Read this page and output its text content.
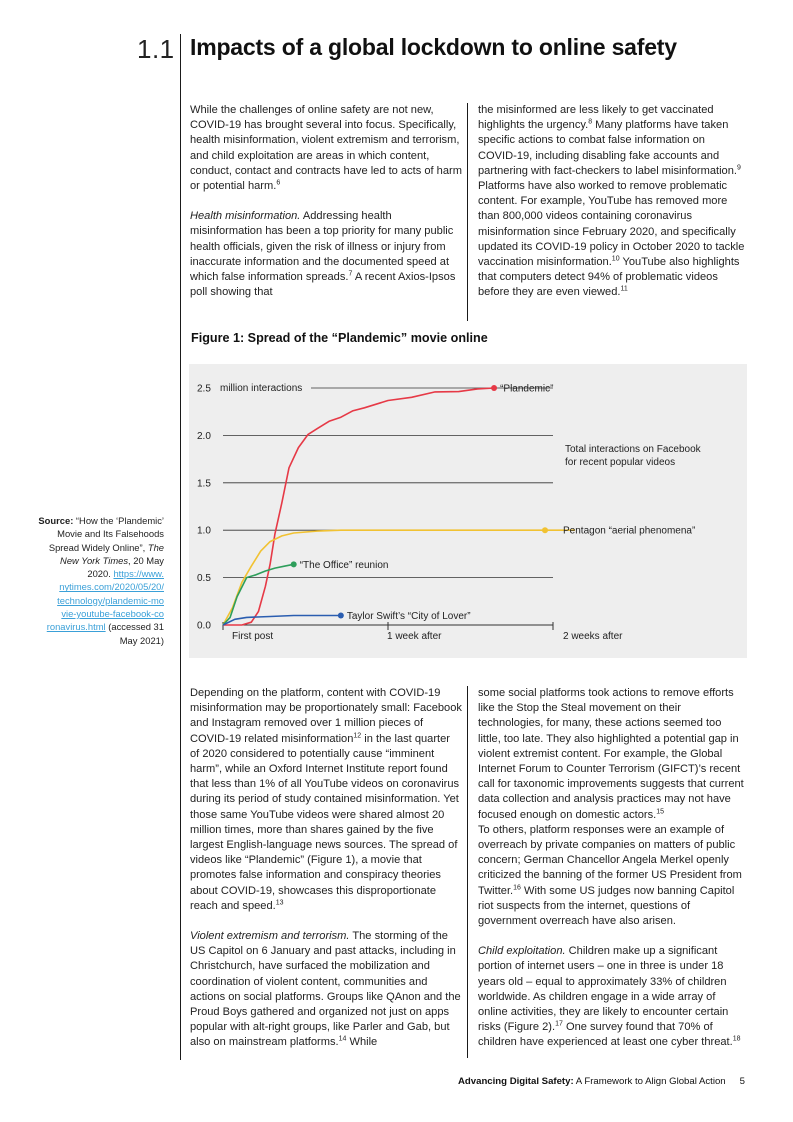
1.1 Impacts of a global lockdown to online safety

While the challenges of online safety are not new, COVID-19 has brought several into focus. Specifically, health misinformation, violent extremism and terrorism, and child exploitation are areas in which content, conduct, contact and contracts have led to acts of harm or potential harm.$^6$

Health misinformation. Addressing health misinformation has been a top priority for many public health officials, given the risk of illness or injury from inaccurate information and the documented speed at which false information spreads.$^7$ A recent Axios-Ipsos poll showing that

the misinformed are less likely to get vaccinated highlights the urgency.$^8$ Many platforms have taken specific actions to combat false information on COVID-19, including disabling fake accounts and partnering with fact-checkers to label misinformation.$^9$ Platforms have also worked to remove problematic content. For example, YouTube has removed more than 800,000 videos containing coronavirus misinformation since February 2020, and specifically updated its COVID-19 policy in October 2020 to tackle vaccination misinformation.$^{10}$ YouTube also highlights that computers detect 94% of problematic videos before they are even viewed.$^{11}$

Figure 1: Spread of the “Plandemic” movie online
0.0
0.5
1.0
1.5
2.0
2.5
First post	1 week after	2 weeks after
“Plandemic”
Pentagon “aerial phenomena”
“The Office” reunion
Taylor Swift’s “City of Lover”
million interactions
Total interactions on Facebook
for recent popular videos
Source: “How the ‘Plandemic’ Movie and Its Falsehoods Spread Widely Online”, The New York Times, 20 May 2020. https://www.
nytimes.com/2020/05/20/
technology/plandemic-mo
vie-youtube-facebook-co
ronavirus.html (accessed 31 May 2021)

Depending on the platform, content with COVID-19 misinformation may be proportionately small: Facebook and Instagram removed over 1 million pieces of COVID-19 related misinformation$^{12}$ in the last quarter of 2020 considered to potentially cause “imminent harm”, while an Oxford Internet Institute report found that less than 1% of all YouTube videos on coronavirus during its period of study contained misinformation. Yet those same YouTube videos were shared almost 20 million times, more than shares gained by the five largest English-language news sources. The spread of videos like “Plandemic” (Figure 1), a movie that promotes false information and conspiracy theories about COVID-19, showcases this disproportionate reach and speed.$^{13}$

Violent extremism and terrorism. The storming of the US Capitol on 6 January and past attacks, including in Christchurch, have surfaced the mobilization and coordination of violent content, communities and actions on social platforms. Groups like QAnon and the Proud Boys gathered and organized not just on apps popular with alt-right groups, like Parler and Gab, but also on mainstream platforms.$^{14}$ While

some social platforms took actions to remove efforts like the Stop the Steal movement on their technologies, for many, these actions seemed too little, too late. They also highlighted a potential gap in violent extremist content. For example, the Global Internet Forum to Counter Terrorism (GIFCT)’s recent call for taxonomic improvements suggests that current data collection and analysis practices may not have focused enough on domestic actors.$^{15}$

To others, platform responses were an example of overreach by private companies on matters of public concern; German Chancellor Angela Merkel openly criticized the banning of the former US President from Twitter.$^{16}$ With some US judges now banning Capitol riot suspects from the internet, questions of government overreach have also arisen.

Child exploitation. Children make up a significant portion of internet users – one in three is under 18 years old – equal to approximately 33% of children worldwide. As children engage in a wide array of online activities, they are likely to encounter certain risks (Figure 2).$^{17}$ One survey found that 70% of children have experienced at least one cyber threat.$^{18}$

Advancing Digital Safety: A Framework to Align Global Action 5
